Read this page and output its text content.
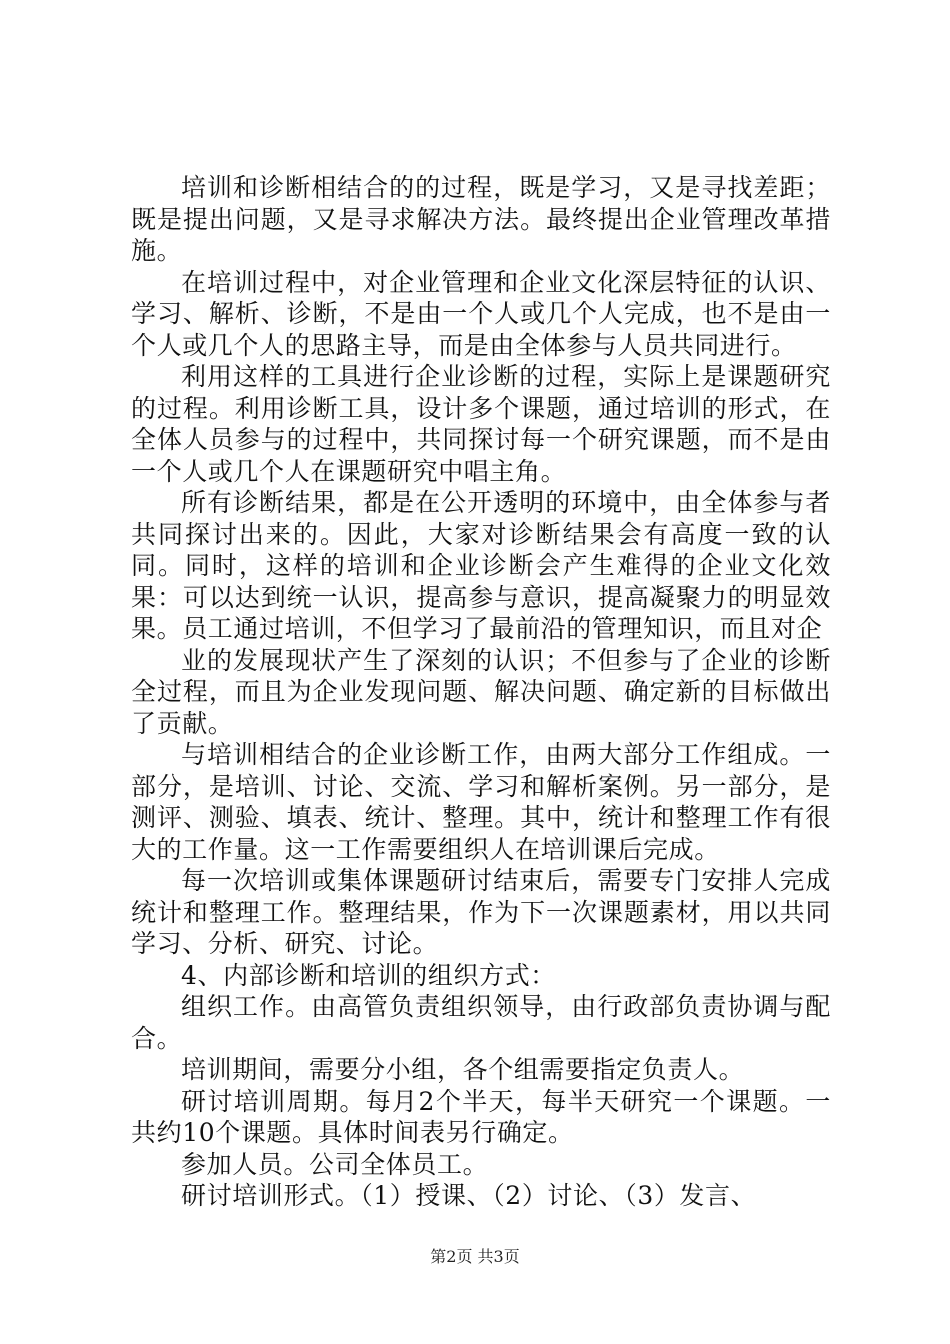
培训和诊断相结合的的过程，既是学习，又是寻找差距；既是提出问题，又是寻求解决方法。最终提出企业管理改革措施。

在培训过程中，对企业管理和企业文化深层特征的认识、学习、解析、诊断，不是由一个人或几个人完成，也不是由一个人或几个人的思路主导，而是由全体参与人员共同进行。

利用这样的工具进行企业诊断的过程，实际上是课题研究的过程。利用诊断工具，设计多个课题，通过培训的形式，在全体人员参与的过程中，共同探讨每一个研究课题，而不是由一个人或几个人在课题研究中唱主角。

所有诊断结果，都是在公开透明的环境中，由全体参与者共同探讨出来的。因此，大家对诊断结果会有高度一致的认同。同时，这样的培训和企业诊断会产生难得的企业文化效果：可以达到统一认识，提高参与意识，提高凝聚力的明显效果。员工通过培训，不但学习了最前沿的管理知识，而且对企

业的发展现状产生了深刻的认识；不但参与了企业的诊断全过程，而且为企业发现问题、解决问题、确定新的目标做出了贡献。

与培训相结合的企业诊断工作，由两大部分工作组成。一部分，是培训、讨论、交流、学习和解析案例。另一部分，是测评、测验、填表、统计、整理。其中，统计和整理工作有很大的工作量。这一工作需要组织人在培训课后完成。

每一次培训或集体课题研讨结束后，需要专门安排人完成统计和整理工作。整理结果，作为下一次课题素材，用以共同学习、分析、研究、讨论。

4、内部诊断和培训的组织方式：

组织工作。由高管负责组织领导，由行政部负责协调与配合。

培训期间，需要分小组，各个组需要指定负责人。

研讨培训周期。每月2个半天，每半天研究一个课题。一共约10个课题。具体时间表另行确定。

参加人员。公司全体员工。

研讨培训形式。（1）授课、（2）讨论、（3）发言、

第2页 共3页
